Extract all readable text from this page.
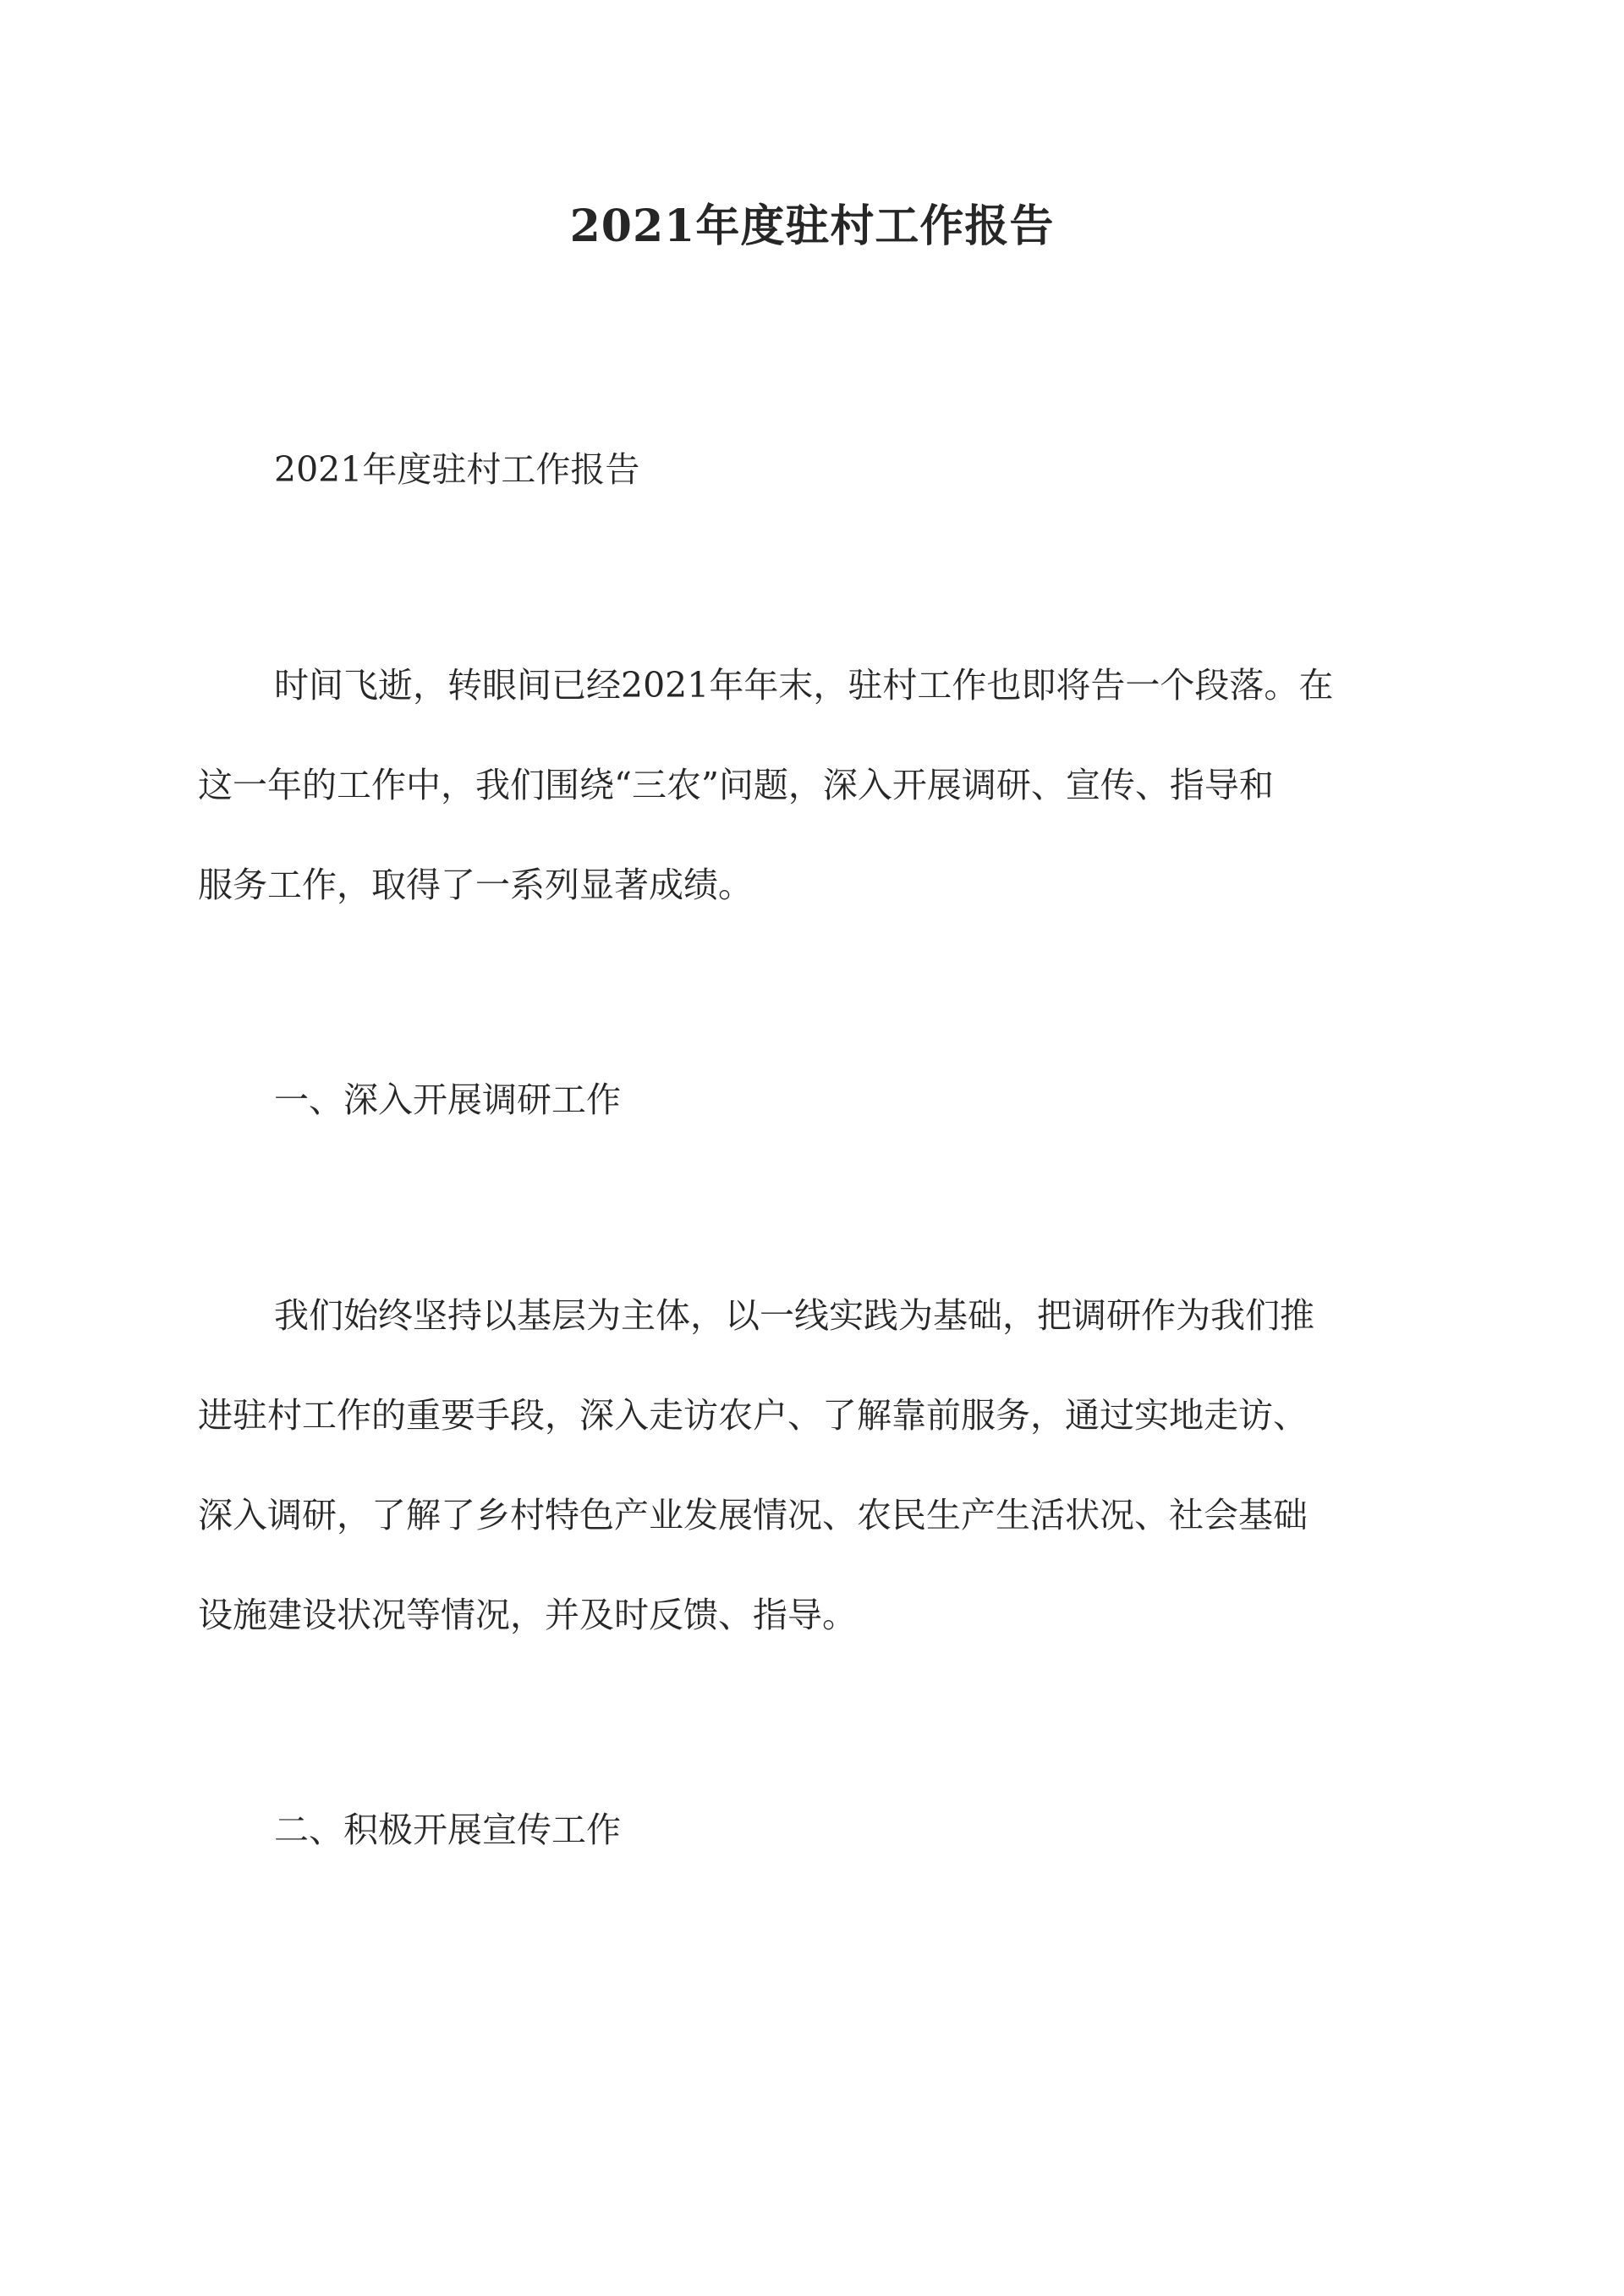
2021年度驻村工作报告

2021年度驻村工作报告

时间飞逝，转眼间已经2021年年末，驻村工作也即将告一个段落。在

这一年的工作中，我们围绕“三农”问题，深入开展调研、宣传、指导和

服务工作，取得了一系列显著成绩。

一、深入开展调研工作

我们始终坚持以基层为主体，以一线实践为基础，把调研作为我们推

进驻村工作的重要手段，深入走访农户、了解靠前服务，通过实地走访、

深入调研，了解了乡村特色产业发展情况、农民生产生活状况、社会基础

设施建设状况等情况，并及时反馈、指导。

二、积极开展宣传工作
